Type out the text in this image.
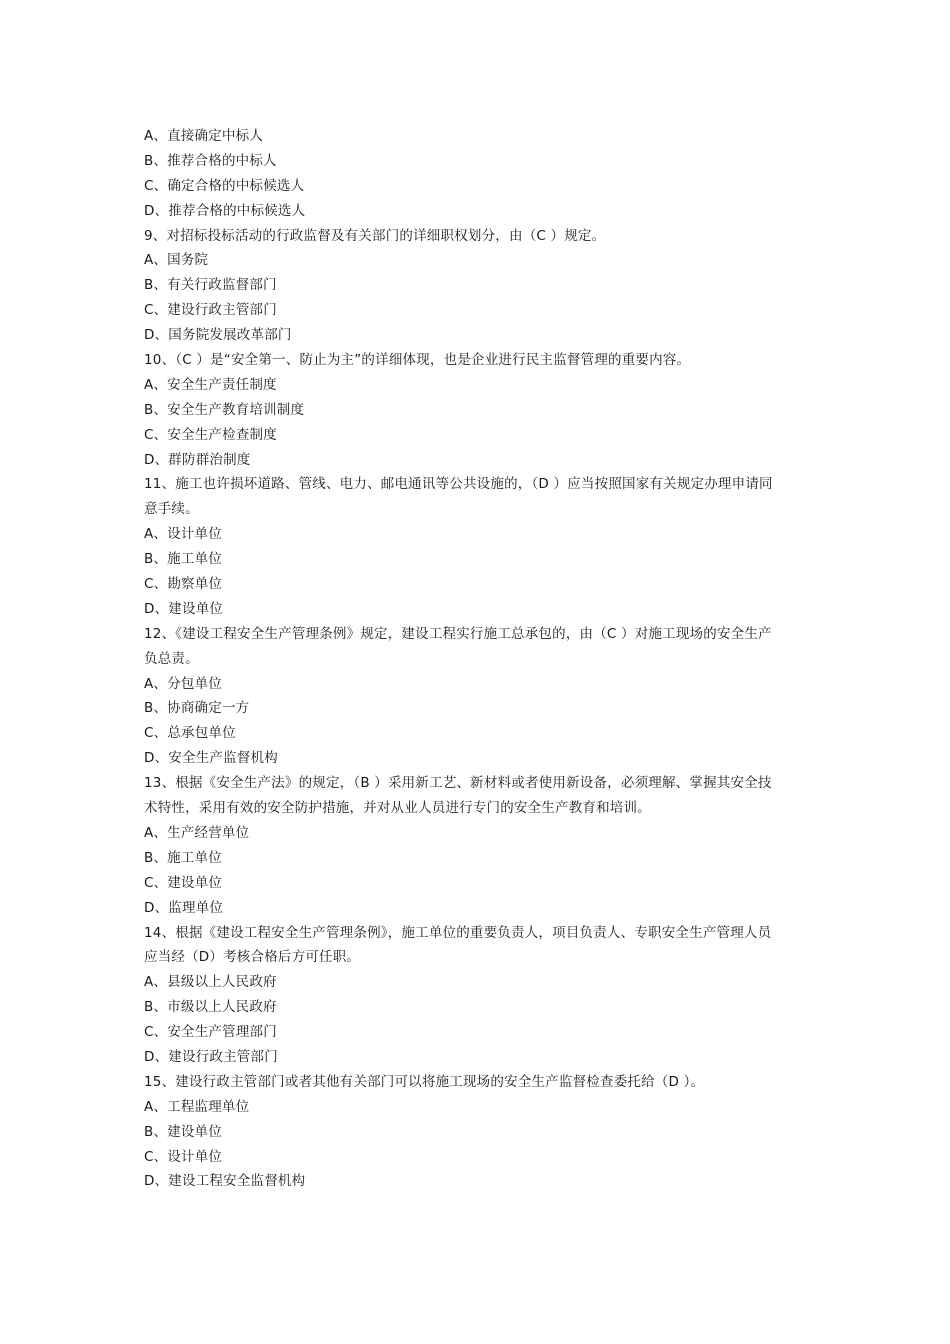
A、直接确定中标人
B、推荐合格的中标人
C、确定合格的中标候选人
D、推荐合格的中标候选人
9、对招标投标活动的行政监督及有关部门的详细职权划分，由（C ）规定。
A、国务院
B、有关行政监督部门
C、建设行政主管部门
D、国务院发展改革部门
10、（C ）是“安全第一、防止为主”的详细体现，也是企业进行民主监督管理的重要内容。
A、安全生产责任制度
B、安全生产教育培训制度
C、安全生产检查制度
D、群防群治制度
11、施工也许损坏道路、管线、电力、邮电通讯等公共设施的，（D ）应当按照国家有关规定办理申请同
意手续。
A、设计单位
B、施工单位
C、勘察单位
D、建设单位
12、《建设工程安全生产管理条例》规定，建设工程实行施工总承包的，由（C ）对施工现场的安全生产
负总责。
A、分包单位
B、协商确定一方
C、总承包单位
D、安全生产监督机构
13、根据《安全生产法》的规定，（B ）采用新工艺、新材料或者使用新设备，必须理解、掌握其安全技
术特性，采用有效的安全防护措施，并对从业人员进行专门的安全生产教育和培训。
A、生产经营单位
B、施工单位
C、建设单位
D、监理单位
14、根据《建设工程安全生产管理条例》，施工单位的重要负责人，项目负责人、专职安全生产管理人员
应当经（D）考核合格后方可任职。
A、县级以上人民政府
B、市级以上人民政府
C、安全生产管理部门
D、建设行政主管部门
15、建设行政主管部门或者其他有关部门可以将施工现场的安全生产监督检查委托给（D ）。
A、工程监理单位
B、建设单位
C、设计单位
D、建设工程安全监督机构
